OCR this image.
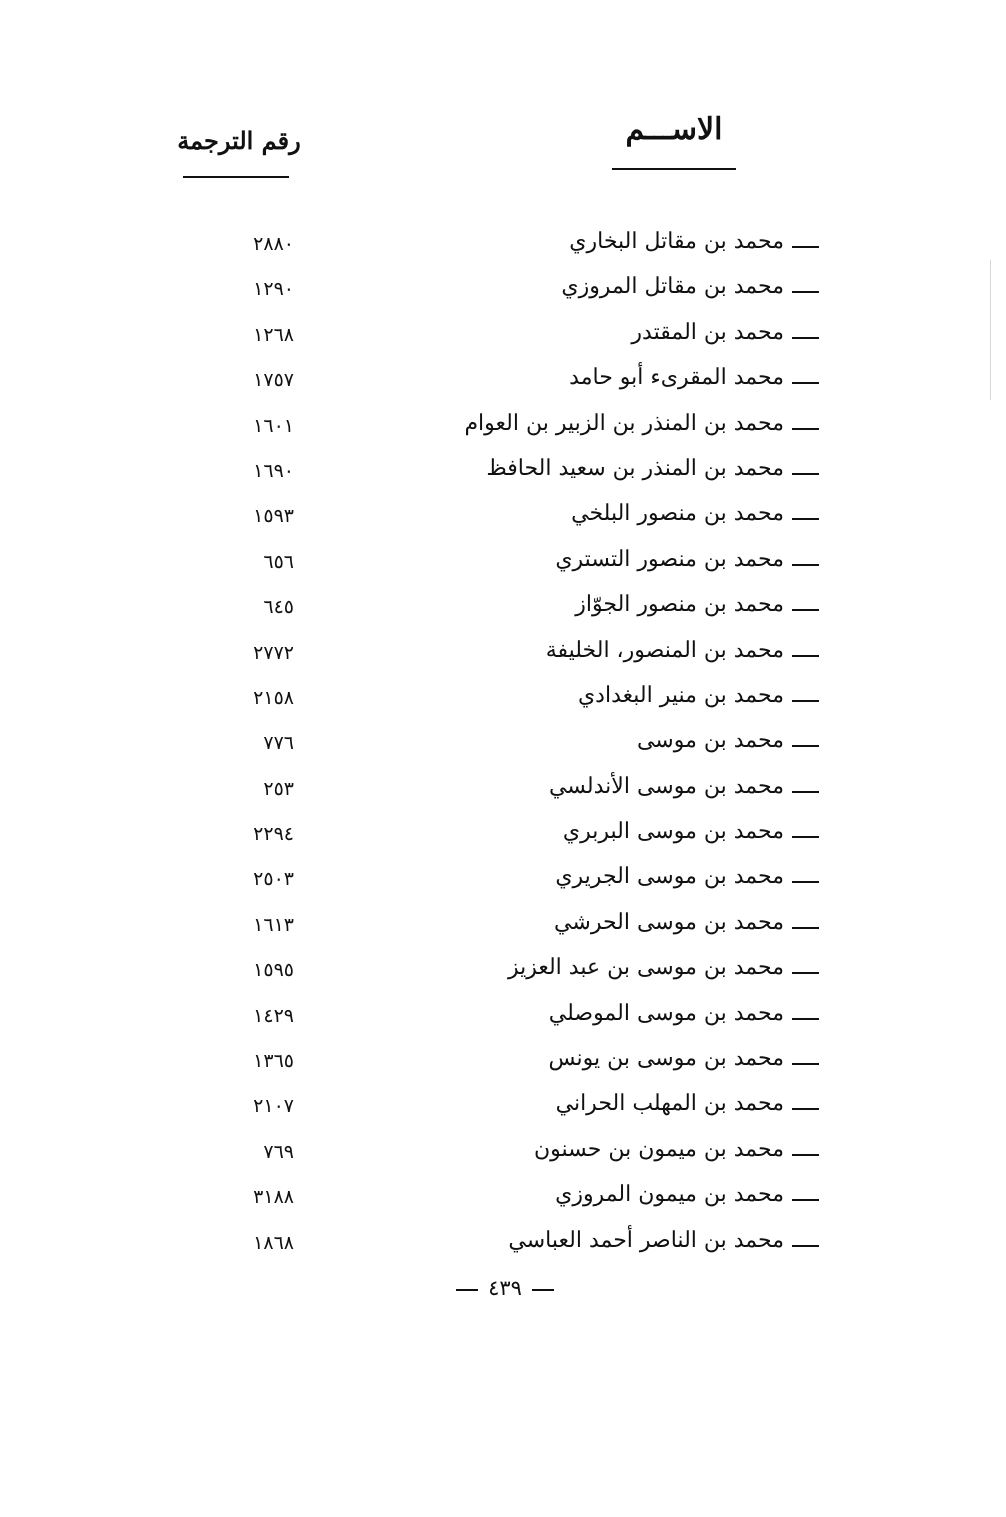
الاســـم
رقم الترجمة
محمد بن مقاتل البخاري
٢٨٨٠
محمد بن مقاتل المروزي
١٢٩٠
محمد بن المقتدر
١٢٦٨
محمد المقرىء أبو حامد
١٧٥٧
محمد بن المنذر بن الزبير بن العوام
١٦٠١
محمد بن المنذر بن سعيد الحافظ
١٦٩٠
محمد بن منصور البلخي
١٥٩٣
محمد بن منصور التستري
٦٥٦
محمد بن منصور الجوّاز
٦٤٥
محمد بن المنصور، الخليفة
٢٧٧٢
محمد بن منير البغدادي
٢١٥٨
محمد بن موسى
٧٧٦
محمد بن موسى الأندلسي
٢٥٣
محمد بن موسى البربري
٢٢٩٤
محمد بن موسى الجريري
٢٥٠٣
محمد بن موسى الحرشي
١٦١٣
محمد بن موسى بن عبد العزيز
١٥٩٥
محمد بن موسى الموصلي
١٤٢٩
محمد بن موسى بن يونس
١٣٦٥
محمد بن المهلب الحراني
٢١٠٧
محمد بن ميمون بن حسنون
٧٦٩
محمد بن ميمون المروزي
٣١٨٨
محمد بن الناصر أحمد العباسي
١٨٦٨
٤٣٩
